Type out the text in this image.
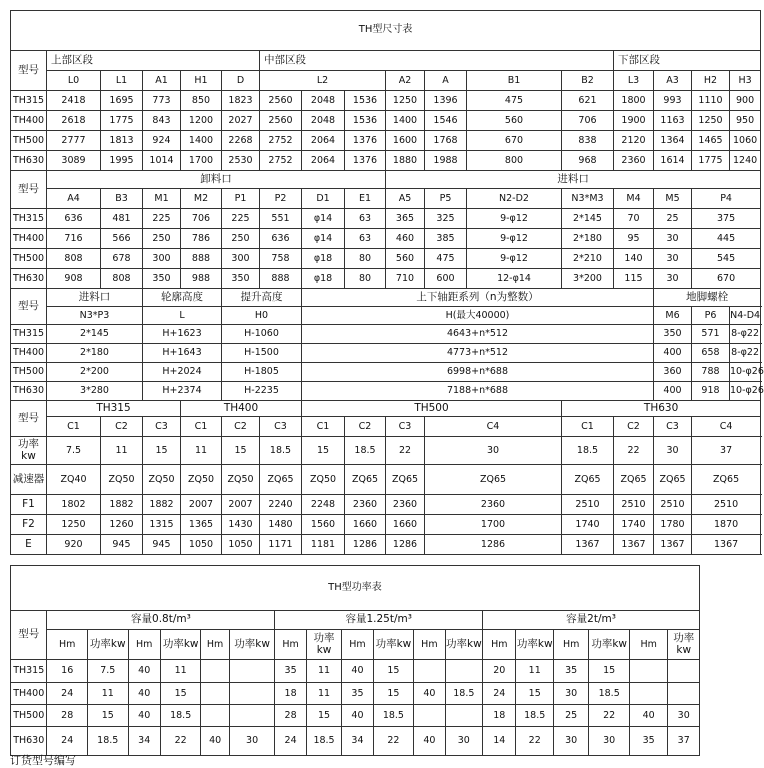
TH型尺寸表																
型号	上部区段					中部区段							下部区段			
	L0	L1	A1	H1	D	L2			A2	A	B1	B2	L3	A3	H2	H3
TH315	2418	1695	773	850	1823	2560	2048	1536	1250	1396	475	621	1800	993	1110	900
TH400	2618	1775	843	1200	2027	2560	2048	1536	1400	1546	560	706	1900	1163	1250	950
TH500	2777	1813	924	1400	2268	2752	2064	1376	1600	1768	670	838	2120	1364	1465	1060
TH630	3089	1995	1014	1700	2530	2752	2064	1376	1880	1988	800	968	2360	1614	1775	1240
型号	卸料口								进料口							
	A4	B3	M1	M2	P1	P2	D1	E1	A5	P5	N2-D2	N3*M3	M4	M5	P4	
TH315	636	481	225	706	225	551	φ14	63	365	325	9-φ12	2*145	70	25	375	
TH400	716	566	250	786	250	636	φ14	63	460	385	9-φ12	2*180	95	30	445	
TH500	808	678	300	888	300	758	φ18	80	560	475	9-φ12	2*210	140	30	545	
TH630	908	808	350	988	350	888	φ18	80	710	600	12-φ14	3*200	115	30	670	
型号	进料口		轮廓高度		提升高度		上下轴距系列（n为整数）							地脚螺栓		
	N3*P3		L		H0		H(最大40000)							M6	P6	N4-D4
TH315	2*145		H+1623		H-1060		4643+n*512							350	571	8-φ22
TH400	2*180		H+1643		H-1500		4773+n*512							400	658	8-φ22
TH500	2*200		H+2024		H-1805		6998+n*688							360	788	10-φ26
TH630	3*280		H+2374		H-2235		7188+n*688							400	918	10-φ26
型号	TH315			TH400			TH500					TH630				
	C1	C2	C3	C1	C2	C3	C1	C2	C3	C4		C1	C2	C3	C4	
功率kw	7.5	11	15	11	15	18.5	15	18.5	22	30		18.5	22	30	37	
减速器	ZQ40	ZQ50	ZQ50	ZQ50	ZQ50	ZQ65	ZQ50	ZQ65	ZQ65	ZQ65		ZQ65	ZQ65	ZQ65	ZQ65	
F1	1802	1882	1882	2007	2007	2240	2248	2360	2360	2360		2510	2510	2510	2510	
F2	1250	1260	1315	1365	1430	1480	1560	1660	1660	1700		1740	1740	1780	1870	
E	920	945	945	1050	1050	1171	1181	1286	1286	1286		1367	1367	1367	1367	
TH型功率表																		
型号	容量0.8t/m³						容量1.25t/m³						容量2t/m³					
	Hm	功率kw	Hm	功率kw	Hm	功率kw	Hm	功率kw	Hm	功率kw	Hm	功率kw	Hm	功率kw	Hm	功率kw	Hm	功率kw
TH315	16	7.5	40	11			35	11	40	15			20	11	35	15		
TH400	24	11	40	15			18	11	35	15	40	18.5	24	15	30	18.5		
TH500	28	15	40	18.5			28	15	40	18.5			18	18.5	25	22	40	30
TH630	24	18.5	34	22	40	30	24	18.5	34	22	40	30	14	22	30	30	35	37
订货型号编写
